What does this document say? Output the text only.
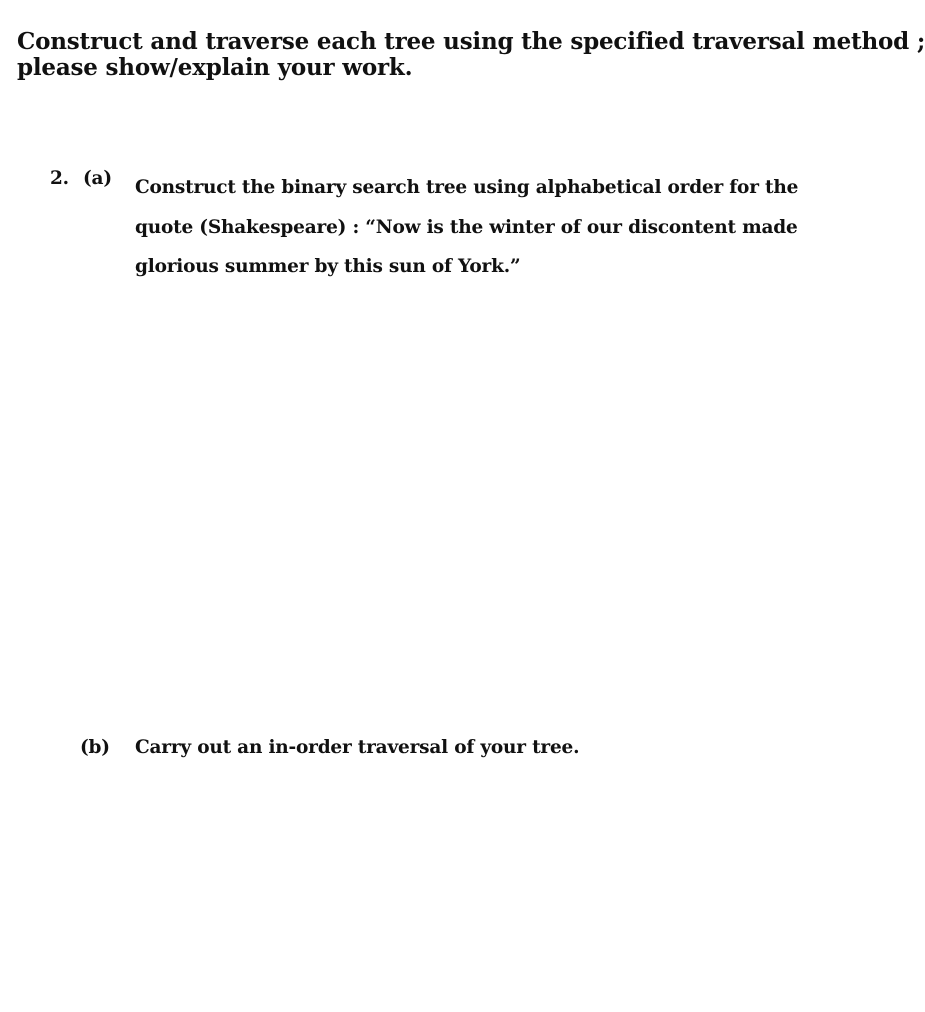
Construct and traverse each tree using the specified traversal method ;
please show/explain your work.
2. (a) Construct the binary search tree using alphabetical order for the
quote (Shakespeare) : “Now is the winter of our discontent made
glorious summer by this sun of York.”
(b) Carry out an in-order traversal of your tree.
